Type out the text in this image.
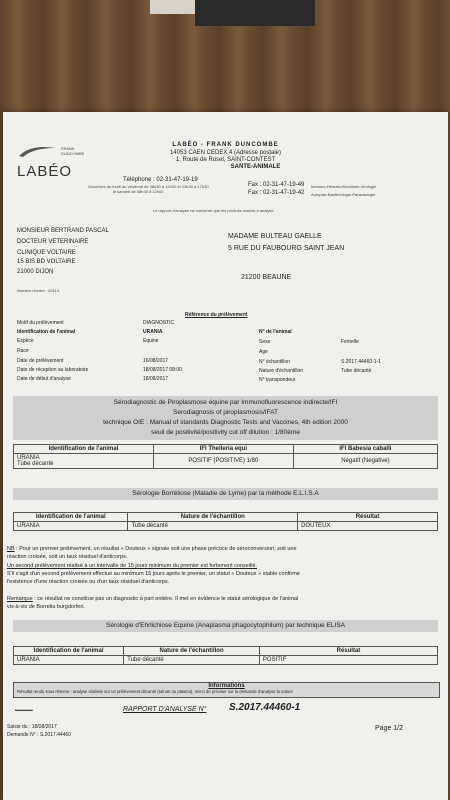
FRANK DUNCOMBE
LABÉO
LABÉO - FRANK DUNCOMBE
14053 CAEN CEDEX 4 (Adresse postale)
1, Route de Rosel, SAINT-CONTEST
SANTE-ANIMALE
Téléphone : 02-31-47-19-19
Ouverture du lundi au vendredi de 08h30 à 12h30 et 13h30 à 17h30
le samedi de 08h30 à 12h00
Fax : 02-31-47-19-49 Immuno-Hémato-Biochimie-Virologie
Fax : 02-31-47-19-42 Autopsie-Bactériologie-Parasitologie
Le rapport d'analyse ne concerne que les produits soumis à analyse
MONSIEUR BERTRAND PASCAL
DOCTEUR VETERINAIRE
CLINIQUE VOLTAIRE
15 BIS BD VOLTAIRE
21000 DIJON
Numéro d'ordre : 20114
MADAME BULTEAU GAELLE
5 RUE DU FAUBOURG SAINT JEAN
21200 BEAUNE
Référence du prélèvement
Motif du prélèvement	DIAGNOSTIC
Identification de l'animal	URANIA	N° de l'animal
Espèce	Equine	Sexe	Femelle
Race	Age
Date de prélèvement	16/08/2017	N° échantillon	S.2017.44460-1-1
Date de réception au laboratoire	18/08/2017 08:00	Nature d'échantillon	Tube décanté
Date de début d'analyse	18/08/2017	N° transpondeur
Sérodiagnostic de Piroplasmose équine par Immunofluorescence indirecte/IFI
Serodiagnosis of piroplasmosis/IFAT
technique OIE : Manual of standards Diagnostic Tests and Vaccines, 4th edition 2000
seuil de positivité/positivity cut off dilution : 1/80ème
Identification de l'animal	IFI Theileria equi	IFI Babesia caballi
URANIA
Tube décanté	POSITIF (POSITIVE) 1/80	Négatif (Negative)
Sérologie Borréliose (Maladie de Lyme) par la méthode E.L.I.S.A
Identification de l'animal	Nature de l'échantillon	Résultat
URANIA	Tube décanté	DOUTEUX
NB : Pour un premier prélèvement, un résultat « Douteux » signale soit une phase précoce de séroconversion, soit une
réaction croisée, soit un taux résiduel d'anticorps.
Un second prélèvement réalisé à un intervalle de 15 jours minimum du premier est fortement conseillé.
S'il s'agit d'un second prélèvement effectué au minimum 15 jours après le premier, un statut « Douteux » stable confirme
l'existence d'une réaction croisée ou d'un taux résiduel d'anticorps.
Remarque : ce résultat ne constitue pas un diagnostic à part entière. Il met en évidence le statut sérologique de l'animal
vis-à-vis de Borrelia burgdorferi.
Sérologie d'Ehrlichiose Equine (Anaplasma phagocytophilum) par technique ELISA
Identification de l'animal	Nature de l'échantillon	Résultat
URANIA	Tube décanté	POSITIF
Informations
Résultat rendu sous réserve : analyse réalisée sur un prélèvement décanté (sérum ou plasma), merci de préciser sur la demande d'analyse la nature
________	RAPPORT D'ANALYSE N° S.2017.44460-1
Saisie du : 18/08/2017
Demande N° : S.2017.44460
Page 1/2
